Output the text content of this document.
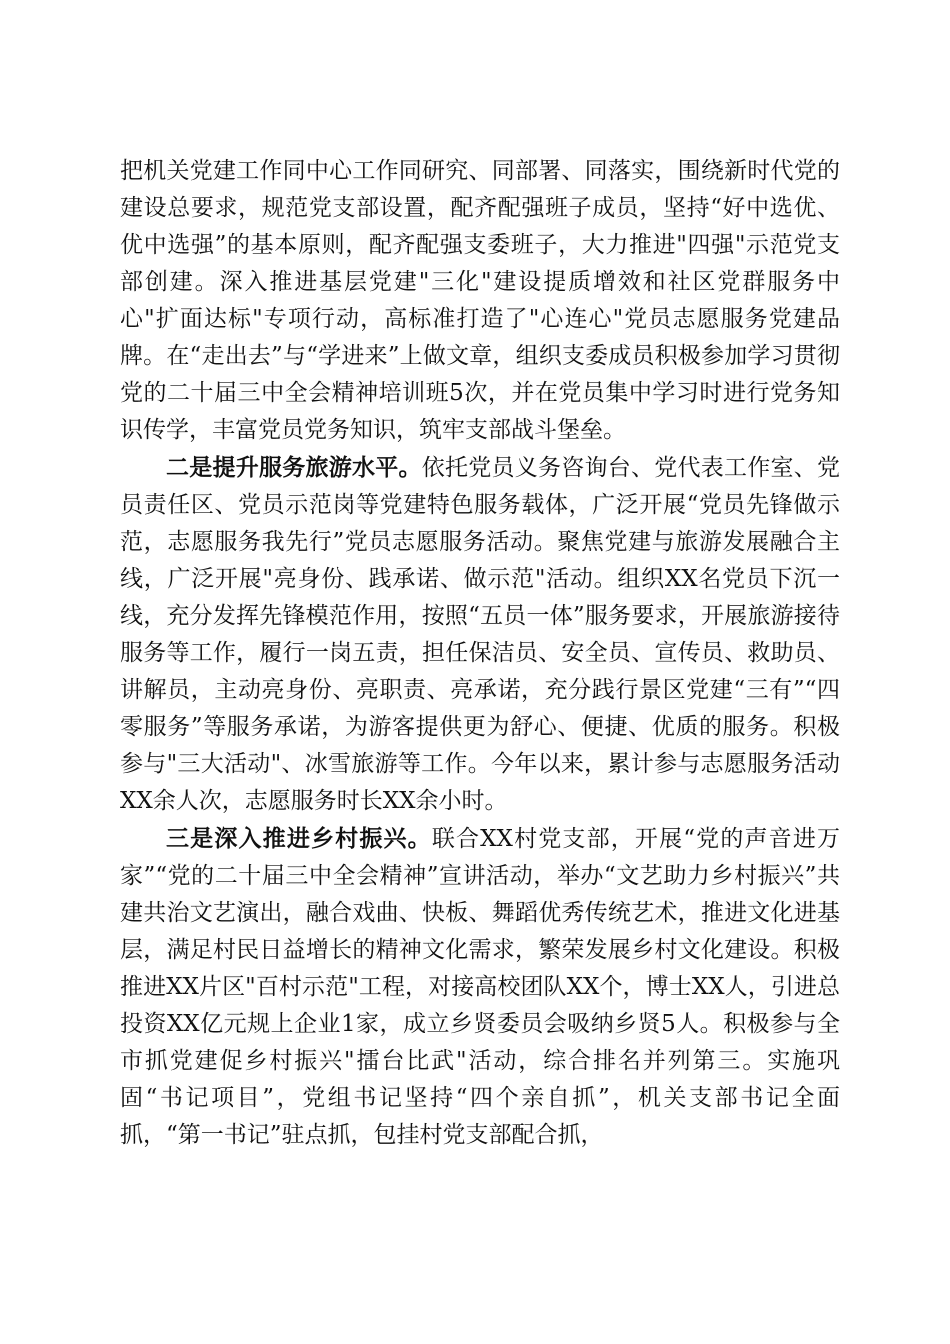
把机关党建工作同中心工作同研究、同部署、同落实，围绕新时代党的建设总要求，规范党支部设置，配齐配强班子成员，坚持“好中选优、优中选强”的基本原则，配齐配强支委班子，大力推进"四强"示范党支部创建。深入推进基层党建"三化"建设提质增效和社区党群服务中心"扩面达标"专项行动，高标准打造了"心连心"党员志愿服务党建品牌。在“走出去”与“学进来”上做文章，组织支委成员积极参加学习贯彻党的二十届三中全会精神培训班5次，并在党员集中学习时进行党务知识传学，丰富党员党务知识，筑牢支部战斗堡垒。

二是提升服务旅游水平。依托党员义务咨询台、党代表工作室、党员责任区、党员示范岗等党建特色服务载体，广泛开展“党员先锋做示范，志愿服务我先行”党员志愿服务活动。聚焦党建与旅游发展融合主线，广泛开展"亮身份、践承诺、做示范"活动。组织XX名党员下沉一线，充分发挥先锋模范作用，按照“五员一体”服务要求，开展旅游接待服务等工作，履行一岗五责，担任保洁员、安全员、宣传员、救助员、讲解员，主动亮身份、亮职责、亮承诺，充分践行景区党建“三有”“四零服务”等服务承诺，为游客提供更为舒心、便捷、优质的服务。积极参与"三大活动"、冰雪旅游等工作。今年以来，累计参与志愿服务活动XX余人次，志愿服务时长XX余小时。

三是深入推进乡村振兴。联合XX村党支部，开展“党的声音进万家”“党的二十届三中全会精神”宣讲活动，举办“文艺助力乡村振兴”共建共治文艺演出，融合戏曲、快板、舞蹈优秀传统艺术，推进文化进基层，满足村民日益增长的精神文化需求，繁荣发展乡村文化建设。积极推进XX片区"百村示范"工程，对接高校团队XX个，博士XX人，引进总投资XX亿元规上企业1家，成立乡贤委员会吸纳乡贤5人。积极参与全市抓党建促乡村振兴"擂台比武"活动，综合排名并列第三。实施巩固“书记项目”，党组书记坚持“四个亲自抓”，机关支部书记全面抓，“第一书记”驻点抓，包挂村党支部配合抓，
